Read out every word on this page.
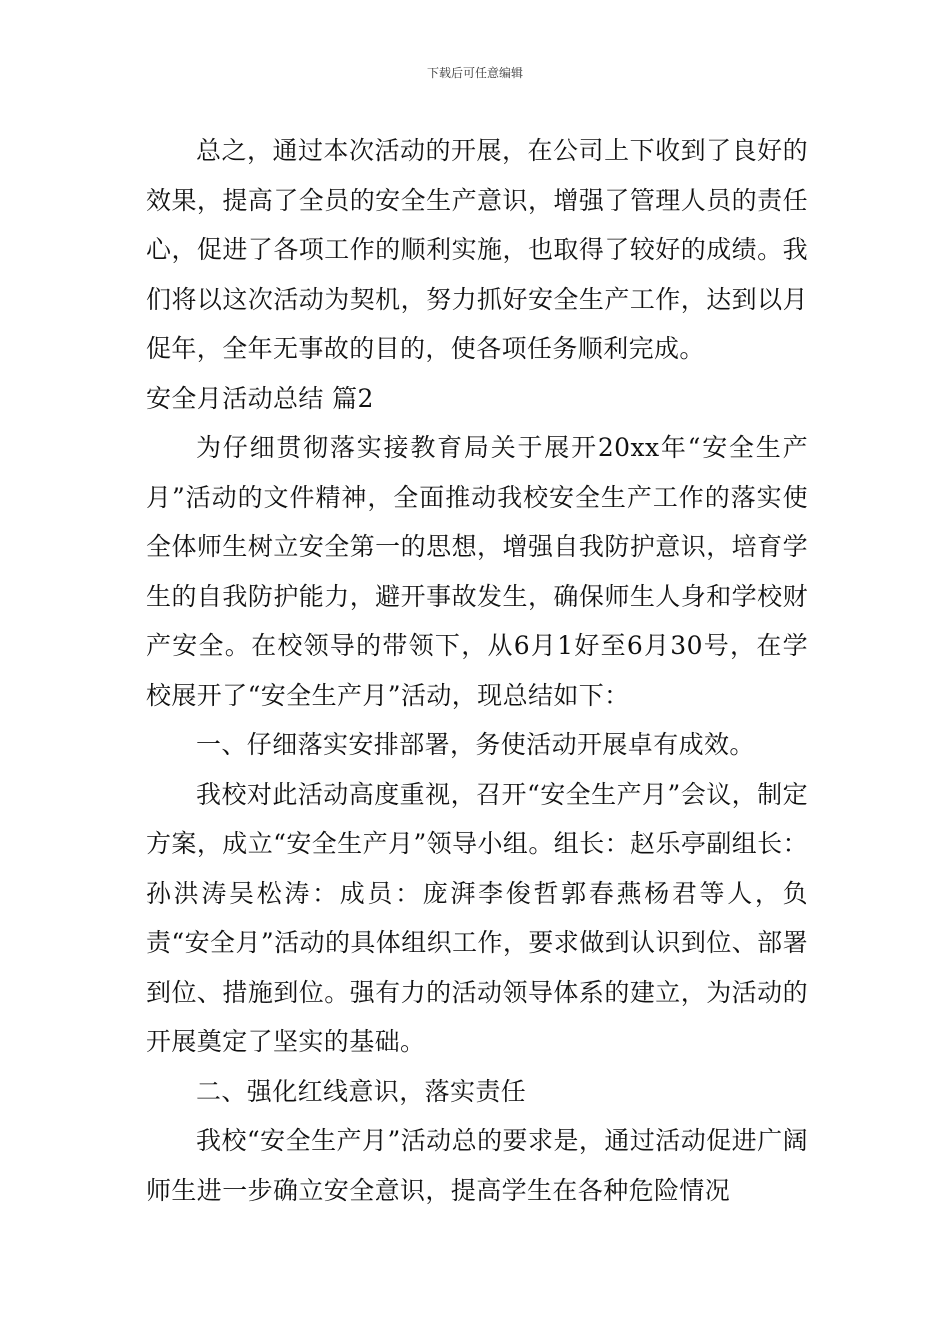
下载后可任意编辑

总之，通过本次活动的开展，在公司上下收到了良好的效果，提高了全员的安全生产意识，增强了管理人员的责任心，促进了各项工作的顺利实施，也取得了较好的成绩。我们将以这次活动为契机，努力抓好安全生产工作，达到以月促年，全年无事故的目的，使各项任务顺利完成。

安全月活动总结 篇2

为仔细贯彻落实接教育局关于展开20xx年“安全生产月”活动的文件精神，全面推动我校安全生产工作的落实使全体师生树立安全第一的思想，增强自我防护意识，培育学生的自我防护能力，避开事故发生，确保师生人身和学校财产安全。在校领导的带领下，从6月1好至6月30号，在学校展开了“安全生产月”活动，现总结如下：

一、仔细落实安排部署，务使活动开展卓有成效。

我校对此活动高度重视，召开“安全生产月”会议，制定方案，成立“安全生产月”领导小组。组长：赵乐亭副组长：孙洪涛吴松涛：成员：庞湃李俊哲郭春燕杨君等人，负责“安全月”活动的具体组织工作，要求做到认识到位、部署到位、措施到位。强有力的活动领导体系的建立，为活动的开展奠定了坚实的基础。

二、强化红线意识，落实责任

我校“安全生产月”活动总的要求是，通过活动促进广阔师生进一步确立安全意识，提高学生在各种危险情况
